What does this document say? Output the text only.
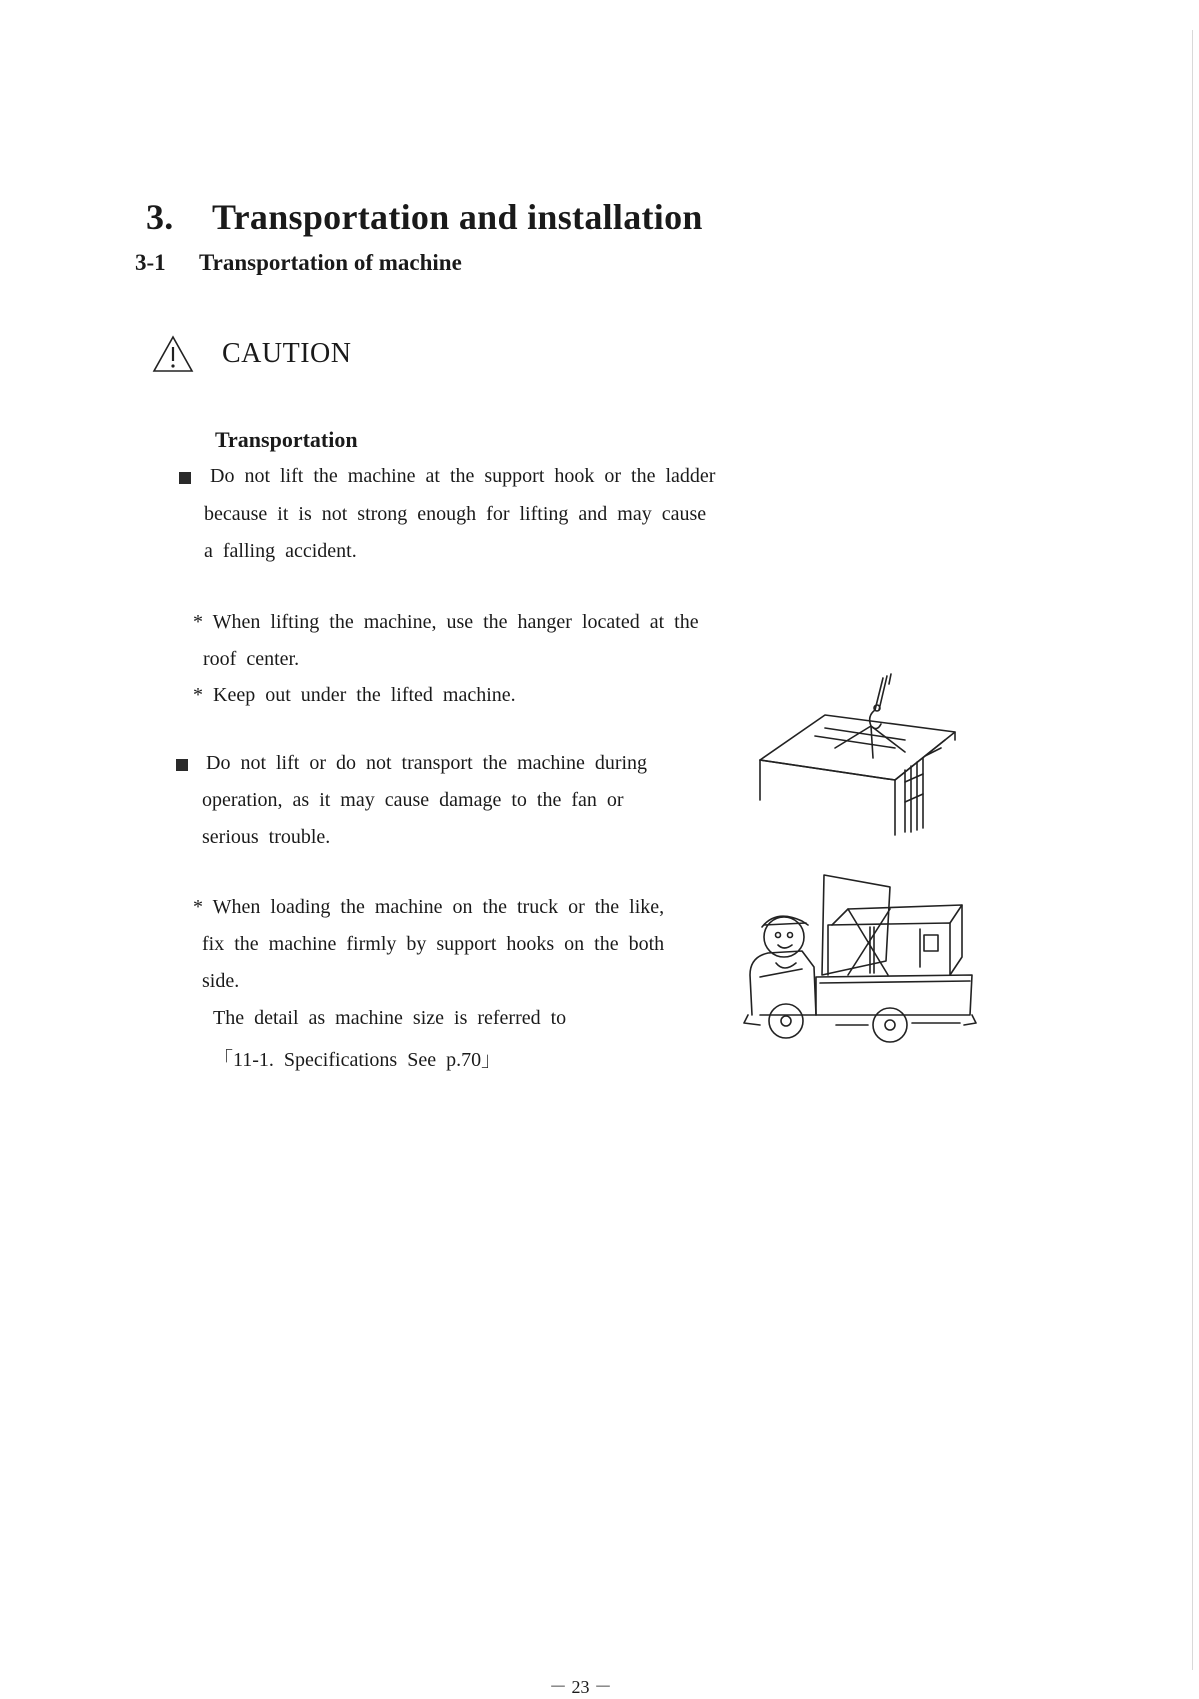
3. Transportation and installation
3-1 Transportation of machine
CAUTION
Transportation
Do not lift the machine at the support hook or the ladder
because it is not strong enough for lifting and may cause
a falling accident.
* When lifting the machine, use the hanger located at the
roof center.
* Keep out under the lifted machine.
Do not lift or do not transport the machine during
operation, as it may cause damage to the fan or
serious trouble.
* When loading the machine on the truck or the like,
fix the machine firmly by support hooks on the both
side.
The detail as machine size is referred to
「11-1. Specifications See p.70」
－ 23 －
